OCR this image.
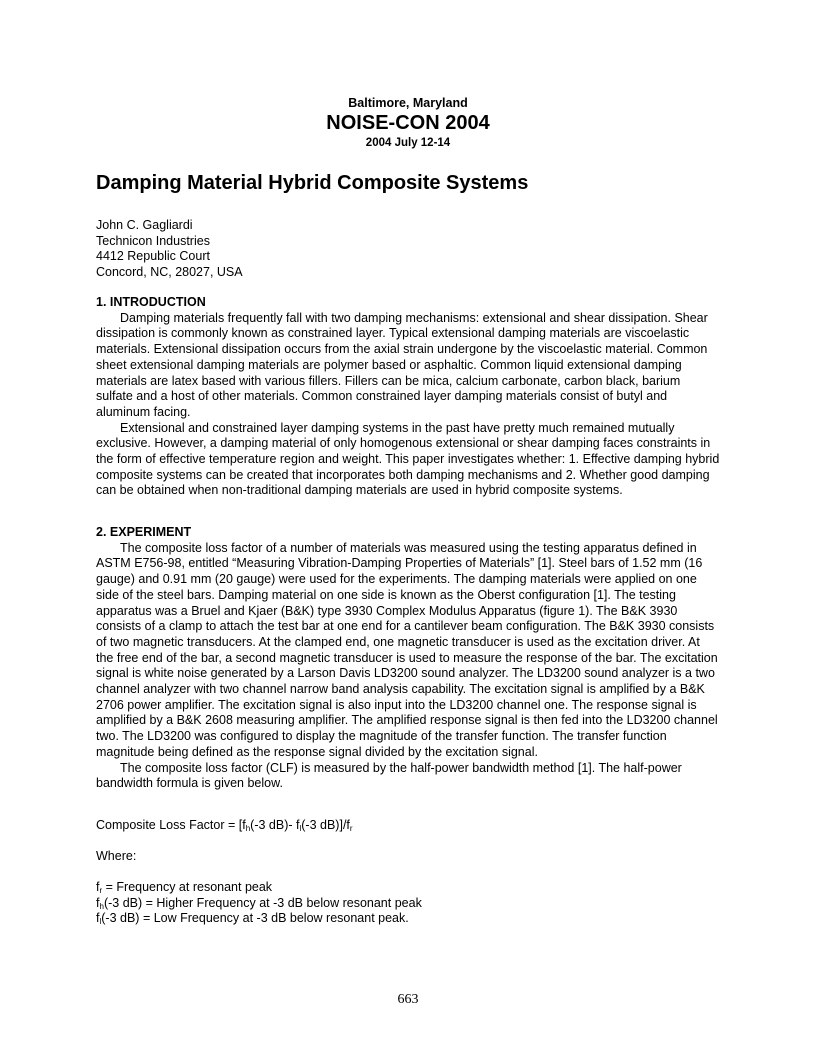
Baltimore, Maryland
NOISE-CON 2004
2004 July 12-14
Damping Material Hybrid Composite Systems
John C. Gagliardi
Technicon Industries
4412 Republic Court
Concord, NC, 28027, USA
1. INTRODUCTION

Damping materials frequently fall with two damping mechanisms: extensional and shear dissipation. Shear dissipation is commonly known as constrained layer. Typical extensional damping materials are viscoelastic materials. Extensional dissipation occurs from the axial strain undergone by the viscoelastic material. Common sheet extensional damping materials are polymer based or asphaltic. Common liquid extensional damping materials are latex based with various fillers. Fillers can be mica, calcium carbonate, carbon black, barium sulfate and a host of other materials. Common constrained layer damping materials consist of butyl and aluminum facing.

Extensional and constrained layer damping systems in the past have pretty much remained mutually exclusive. However, a damping material of only homogenous extensional or shear damping faces constraints in the form of effective temperature region and weight. This paper investigates whether: 1. Effective damping hybrid composite systems can be created that incorporates both damping mechanisms and 2. Whether good damping can be obtained when non-traditional damping materials are used in hybrid composite systems.

2. EXPERIMENT

The composite loss factor of a number of materials was measured using the testing apparatus defined in ASTM E756-98, entitled “Measuring Vibration-Damping Properties of Materials” [1]. Steel bars of 1.52 mm (16 gauge) and 0.91 mm (20 gauge) were used for the experiments. The damping materials were applied on one side of the steel bars. Damping material on one side is known as the Oberst configuration [1]. The testing apparatus was a Bruel and Kjaer (B&K) type 3930 Complex Modulus Apparatus (figure 1). The B&K 3930 consists of a clamp to attach the test bar at one end for a cantilever beam configuration. The B&K 3930 consists of two magnetic transducers. At the clamped end, one magnetic transducer is used as the excitation driver. At the free end of the bar, a second magnetic transducer is used to measure the response of the bar. The excitation signal is white noise generated by a Larson Davis LD3200 sound analyzer. The LD3200 sound analyzer is a two channel analyzer with two channel narrow band analysis capability. The excitation signal is amplified by a B&K 2706 power amplifier. The excitation signal is also input into the LD3200 channel one. The response signal is amplified by a B&K 2608 measuring amplifier. The amplified response signal is then fed into the LD3200 channel two. The LD3200 was configured to display the magnitude of the transfer function. The transfer function magnitude being defined as the response signal divided by the excitation signal.

The composite loss factor (CLF) is measured by the half-power bandwidth method [1]. The half-power bandwidth formula is given below.

Composite Loss Factor = [$f_h(-3$ dB)- $f_l(-3$ $dB)]/f_r$
Where:
$f_r$ = Frequency at resonant peak
$f_h(-3$ dB) = Higher Frequency at -3 dB below resonant peak
$f_l(-3$ dB) = Low Frequency at -3 dB below resonant peak.
663
